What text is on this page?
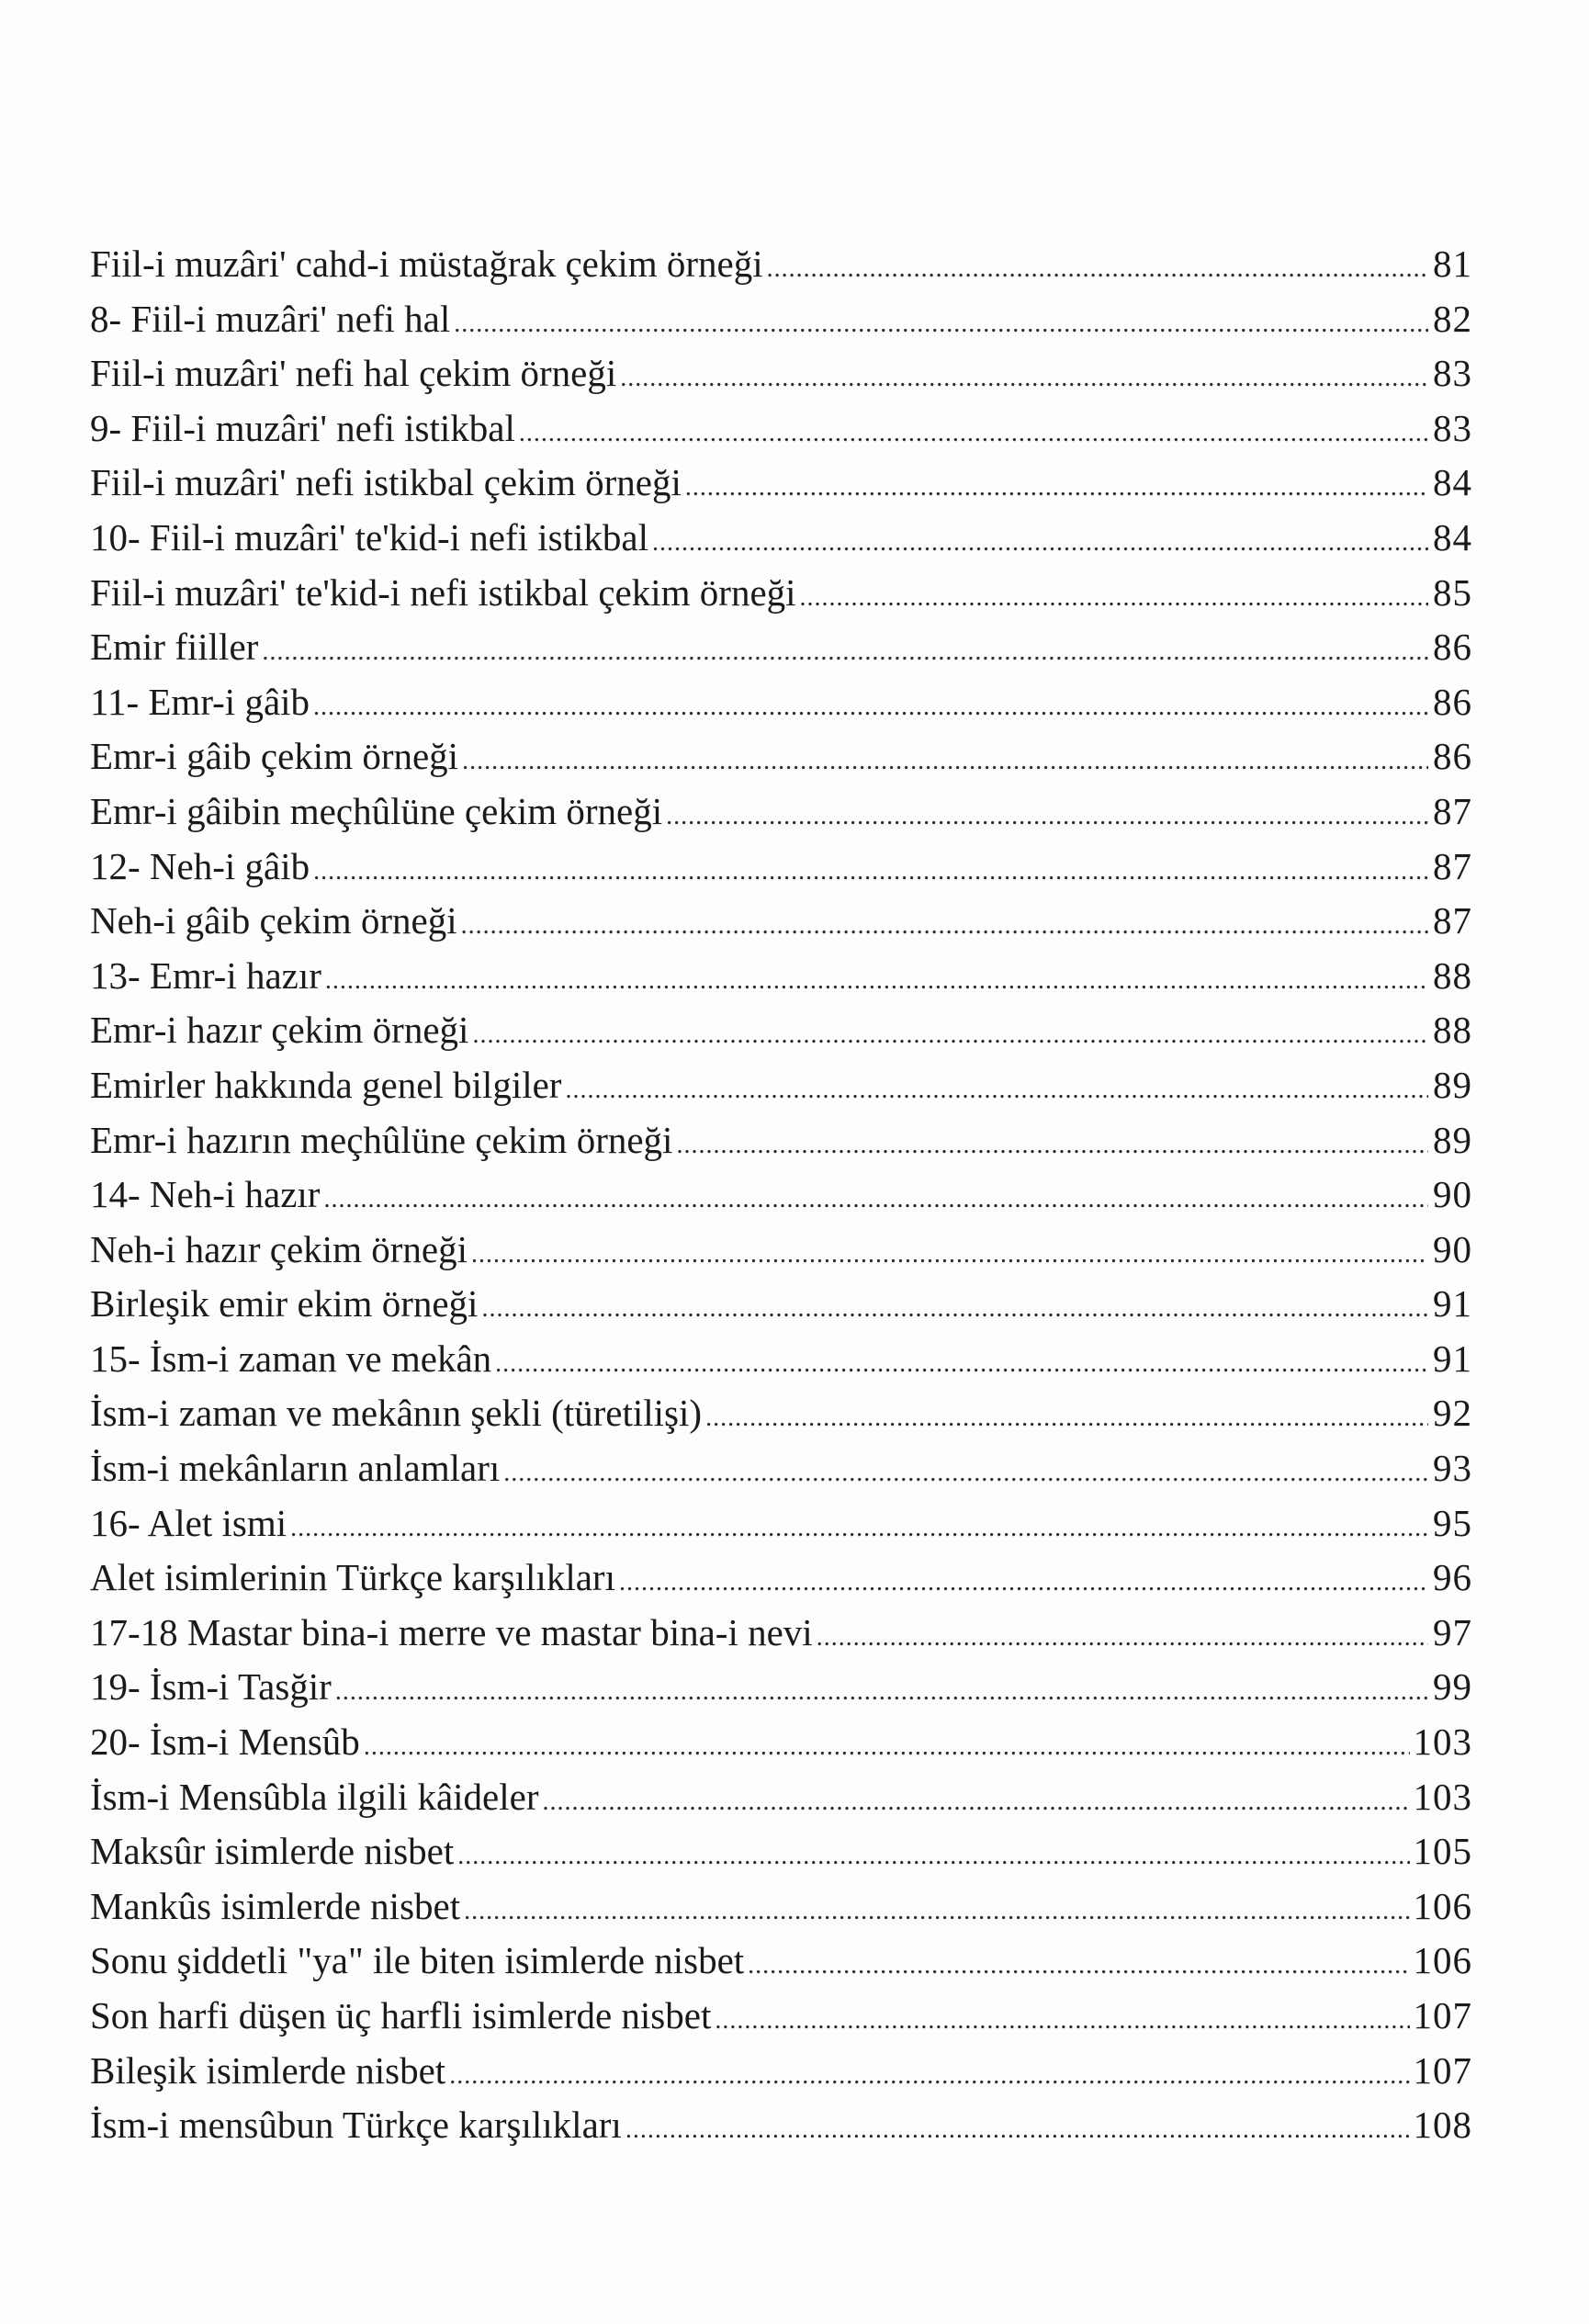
Fiil-i muzâri' cahd-i müstağrak çekim örneği .....	81
8- Fiil-i muzâri' nefi hal .....	82
Fiil-i muzâri' nefi hal çekim örneği .....	83
9- Fiil-i muzâri' nefi istikbal .....	83
Fiil-i muzâri' nefi istikbal çekim örneği .....	84
10- Fiil-i muzâri' te'kid-i nefi istikbal .....	84
Fiil-i muzâri' te'kid-i nefi istikbal çekim örneği .....	85
Emir fiiller .....	86
11- Emr-i gâib .....	86
Emr-i gâib çekim örneği .....	86
Emr-i gâibin meçhûlüne çekim örneği .....	87
12- Neh-i gâib .....	87
Neh-i gâib çekim örneği .....	87
13- Emr-i hazır .....	88
Emr-i hazır çekim örneği .....	88
Emirler hakkında genel bilgiler .....	89
Emr-i hazırın meçhûlüne çekim örneği .....	89
14- Neh-i hazır .....	90
Neh-i hazır çekim örneği .....	90
Birleşik emir ekim örneği .....	91
15- İsm-i zaman ve mekân .....	91
İsm-i zaman ve mekânın şekli (türetilişi) .....	92
İsm-i mekânların anlamları .....	93
16- Alet ismi .....	95
Alet isimlerinin Türkçe karşılıkları .....	96
17-18 Mastar bina-i merre ve mastar bina-i nevi .....	97
19- İsm-i Tasğir .....	99
20- İsm-i Mensûb .....	103
İsm-i Mensûbla ilgili kâideler .....	103
Maksûr isimlerde nisbet .....	105
Mankûs isimlerde nisbet .....	106
Sonu şiddetli "ya" ile biten isimlerde nisbet .....	106
Son harfi düşen üç harfli isimlerde nisbet .....	107
Bileşik isimlerde nisbet .....	107
İsm-i mensûbun Türkçe karşılıkları .....	108
